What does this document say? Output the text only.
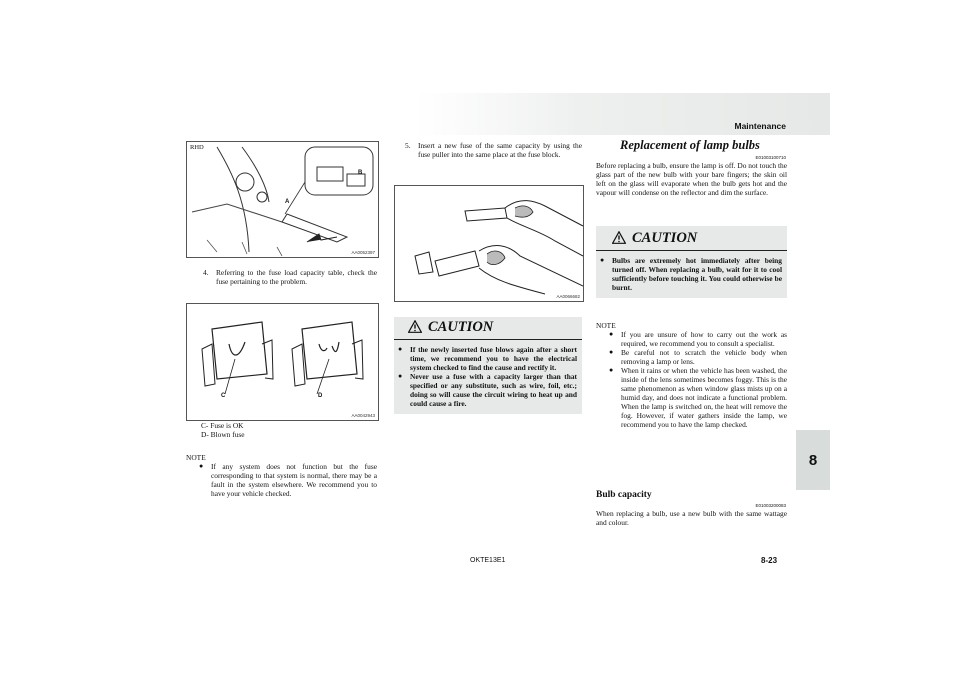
Maintenance
8
RHD
A
B
AA0052397
4.	Referring to the fuse load capacity table, check the fuse pertaining to the problem.
C	D
AA0042943
C- Fuse is OK
D- Blown fuse
NOTE
●	If any system does not function but the fuse corresponding to that system is normal, there may be a fault in the system elsewhere. We recommend you to have your vehicle checked.
5.	Insert a new fuse of the same capacity by using the fuse puller into the same place at the fuse block.
AA0066682
CAUTION
●	If the newly inserted fuse blows again after a short time, we recommend you to have the electrical system checked to find the cause and rectify it.
●	Never use a fuse with a capacity larger than that specified or any substitute, such as wire, foil, etc.; doing so will cause the circuit wiring to heat up and could cause a fire.
Replacement of lamp bulbs
E01003100710
Before replacing a bulb, ensure the lamp is off. Do not touch the glass part of the new bulb with your bare fingers; the skin oil left on the glass will evaporate when the bulb gets hot and the vapour will condense on the reflector and dim the surface.
CAUTION
●	Bulbs are extremely hot immediately after being turned off. When replacing a bulb, wait for it to cool sufficiently before touching it. You could otherwise be burnt.
NOTE
●	If you are unsure of how to carry out the work as required, we recommend you to consult a specialist.
●	Be careful not to scratch the vehicle body when removing a lamp or lens.
●	When it rains or when the vehicle has been washed, the inside of the lens sometimes becomes foggy. This is the same phenomenon as when window glass mists up on a humid day, and does not indicate a functional problem. When the lamp is switched on, the heat will remove the fog. However, if water gathers inside the lamp, we recommend you to have the lamp checked.
Bulb capacity
E01003200083
When replacing a bulb, use a new bulb with the same wattage and colour.
OKTE13E1	8-23
